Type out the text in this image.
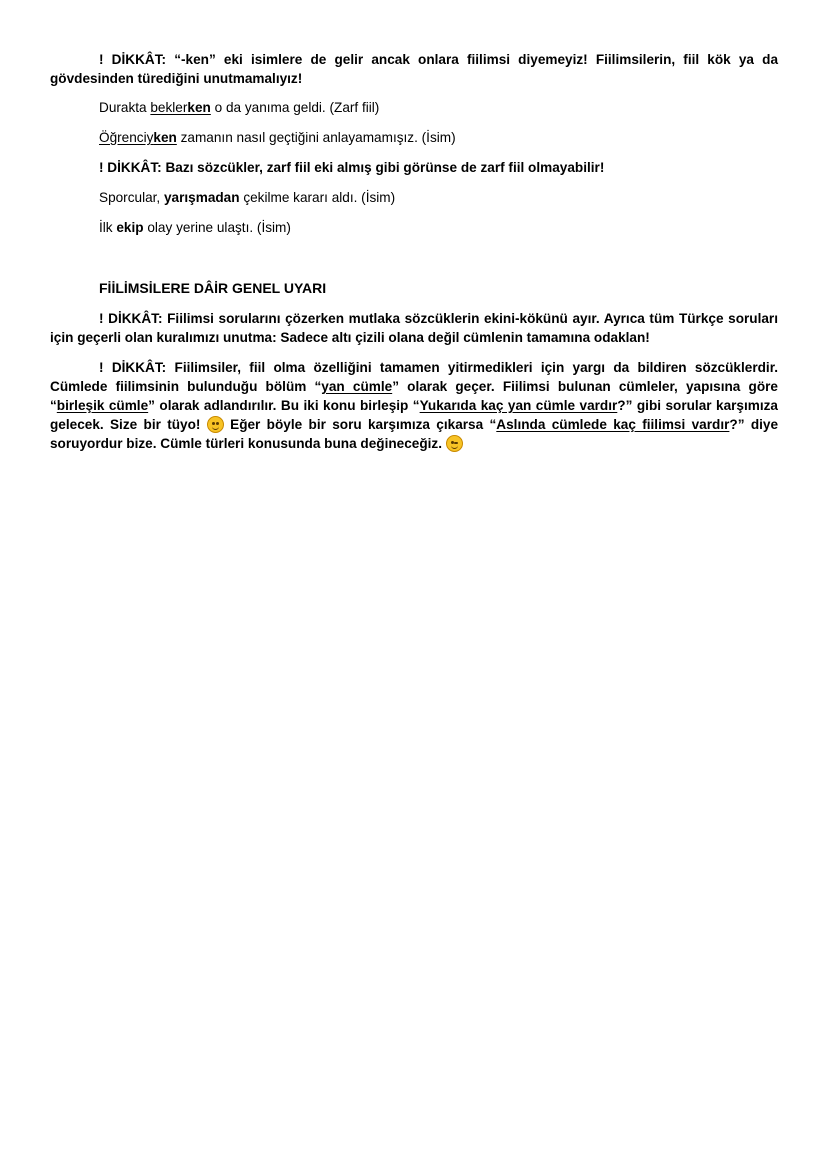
! DİKKÂT: “-ken” eki isimlere de gelir ancak onlara fiilimsi diyemeyiz! Fiilimsilerin, fiil kök ya da gövdesinden türediğini unutmamalıyız!

Durakta beklerken o da yanıma geldi. (Zarf fiil)

Öğrenciyken zamanın nasıl geçtiğini anlayamamışız. (İsim)

! DİKKÂT: Bazı sözcükler, zarf fiil eki almış gibi görünse de zarf fiil olmayabilir!

Sporcular, yarışmadan çekilme kararı aldı. (İsim)

İlk ekip olay yerine ulaştı. (İsim)

FİİLİMSİLERE DÂİR GENEL UYARI

! DİKKÂT: Fiilimsi sorularını çözerken mutlaka sözcüklerin ekini-kökünü ayır. Ayrıca tüm Türkçe soruları için geçerli olan kuralımızı unutma: Sadece altı çizili olana değil cümlenin tamamına odaklan!

! DİKKÂT: Fiilimsiler, fiil olma özelliğini tamamen yitirmedikleri için yargı da bildiren sözcüklerdir. Cümlede fiilimsinin bulunduğu bölüm “yan cümle” olarak geçer. Fiilimsi bulunan cümleler, yapısına göre “birleşik cümle” olarak adlandırılır. Bu iki konu birleşip “Yukarıda kaç yan cümle vardır?” gibi sorular karşımıza gelecek. Size bir tüyo!
Eğer böyle bir soru karşımıza çıkarsa “Aslında cümlede kaç fiilimsi vardır?” diye soruyordur bize. Cümle türleri konusunda buna değineceğiz.
